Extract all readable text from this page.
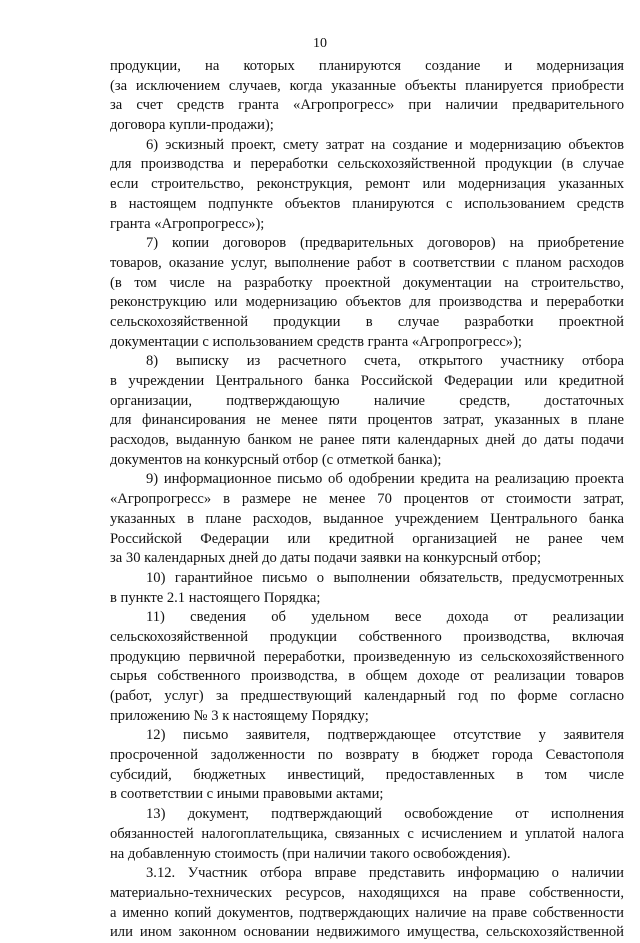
10
продукции, на которых планируются создание и модернизация
(за исключением случаев, когда указанные объекты планируется приобрести
за счет средств гранта «Агропрогресс» при наличии предварительного
договора купли-продажи);
6) эскизный проект, смету затрат на создание и модернизацию объектов
для производства и переработки сельскохозяйственной продукции (в случае
если строительство, реконструкция, ремонт или модернизация указанных
в настоящем подпункте объектов планируются с использованием средств
гранта «Агропрогресс»);
7) копии договоров (предварительных договоров) на приобретение
товаров, оказание услуг, выполнение работ в соответствии с планом расходов
(в том числе на разработку проектной документации на строительство,
реконструкцию или модернизацию объектов для производства и переработки
сельскохозяйственной продукции в случае разработки проектной
документации с использованием средств гранта «Агропрогресс»);
8) выписку из расчетного счета, открытого участнику отбора
в учреждении Центрального банка Российской Федерации или кредитной
организации, подтверждающую наличие средств, достаточных
для финансирования не менее пяти процентов затрат, указанных в плане
расходов, выданную банком не ранее пяти календарных дней до даты подачи
документов на конкурсный отбор (с отметкой банка);
9) информационное письмо об одобрении кредита на реализацию проекта
«Агропрогресс» в размере не менее 70 процентов от стоимости затрат,
указанных в плане расходов, выданное учреждением Центрального банка
Российской Федерации или кредитной организацией не ранее чем
за 30 календарных дней до даты подачи заявки на конкурсный отбор;
10) гарантийное письмо о выполнении обязательств, предусмотренных
в пункте 2.1 настоящего Порядка;
11) сведения об удельном весе дохода от реализации
сельскохозяйственной продукции собственного производства, включая
продукцию первичной переработки, произведенную из сельскохозяйственного
сырья собственного производства, в общем доходе от реализации товаров
(работ, услуг) за предшествующий календарный год по форме согласно
приложению № 3 к настоящему Порядку;
12) письмо заявителя, подтверждающее отсутствие у заявителя
просроченной задолженности по возврату в бюджет города Севастополя
субсидий, бюджетных инвестиций, предоставленных в том числе
в соответствии с иными правовыми актами;
13) документ, подтверждающий освобождение от исполнения
обязанностей налогоплательщика, связанных с исчислением и уплатой налога
на добавленную стоимость (при наличии такого освобождения).
3.12. Участник отбора вправе представить информацию о наличии
материально-технических ресурсов, находящихся на праве собственности,
а именно копий документов, подтверждающих наличие на праве собственности
или ином законном основании недвижимого имущества, сельскохозяйственной
